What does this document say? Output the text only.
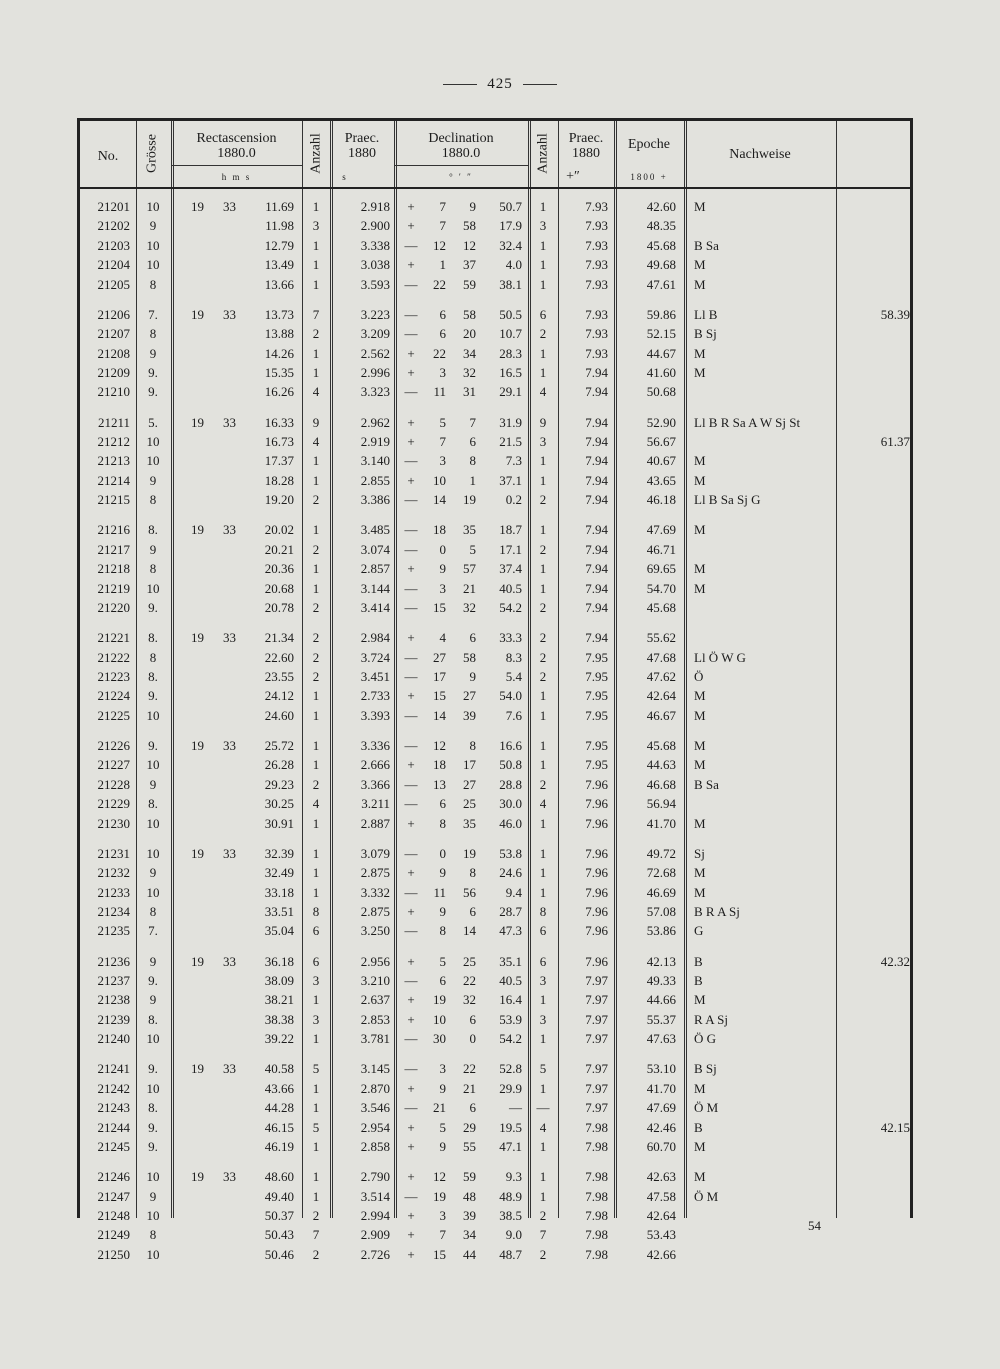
425
No.	Grösse	Rectascension
1880.0
h m s
Anzahl	Praec.
1880
s
Declination
1880.0
° ′ ″
Anzahl	Praec.
1880
+″
Epoche
1800 +
Nachweise
21201	10	19	33	11.69	1	2.918	+	7	9	50.7	1	7.93	42.60 M
21202	9	11.98	3	2.900	+	7	58	17.9	3	7.93	48.35
21203	10	12.79	1	3.338 —	12	12	32.4	1	7.93	45.68 B Sa
21204	10	13.49	1	3.038	+	1	37	4.0	1	7.93	49.68 M
21205	8	13.66	1	3.593 —	22	59	38.1	1	7.93	47.61 M
21206	7.	19	33	13.73	7	3.223 —	6	58	50.5	6	7.93	59.86 Ll B	58.39
21207	8	13.88	2	3.209 —	6	20	10.7	2	7.93	52.15 B Sj
21208	9	14.26	1	2.562	+	22	34	28.3	1	7.93	44.67 M
21209	9.	15.35	1	2.996	+	3	32	16.5	1	7.94	41.60 M
21210	9.	16.26	4	3.323 —	11	31	29.1	4	7.94	50.68
21211	5.	19	33	16.33	9	2.962	+	5	7	31.9	9	7.94	52.90 Ll B R Sa A W Sj St
21212	10	16.73	4	2.919	+	7	6	21.5	3	7.94	56.67	61.37
21213	10	17.37	1	3.140 —	3	8	7.3	1	7.94	40.67 M
21214	9	18.28	1	2.855	+	10	1	37.1	1	7.94	43.65 M
21215	8	19.20	2	3.386 —	14	19	0.2	2	7.94	46.18 Ll B Sa Sj G
21216	8.	19	33	20.02	1	3.485 —	18	35	18.7	1	7.94	47.69 M
21217	9	20.21	2	3.074 —	0	5	17.1	2	7.94	46.71
21218	8	20.36	1	2.857	+	9	57	37.4	1	7.94	69.65 M
21219	10	20.68	1	3.144 —	3	21	40.5	1	7.94	54.70 M
21220	9.	20.78	2	3.414 —	15	32	54.2	2	7.94	45.68
21221	8.	19	33	21.34	2	2.984	+	4	6	33.3	2	7.94	55.62
21222	8	22.60	2	3.724 —	27	58	8.3	2	7.95	47.68 Ll Ö W G
21223	8.	23.55	2	3.451 —	17	9	5.4	2	7.95	47.62 Ö
21224	9.	24.12	1	2.733	+	15	27	54.0	1	7.95	42.64 M
21225	10	24.60	1	3.393 —	14	39	7.6	1	7.95	46.67 M
21226	9.	19	33	25.72	1	3.336 —	12	8	16.6	1	7.95	45.68 M
21227	10	26.28	1	2.666	+	18	17	50.8	1	7.95	44.63 M
21228	9	29.23	2	3.366 —	13	27	28.8	2	7.96	46.68 B Sa
21229	8.	30.25	4	3.211 —	6	25	30.0	4	7.96	56.94
21230	10	30.91	1	2.887	+	8	35	46.0	1	7.96	41.70 M
21231	10	19	33	32.39	1	3.079 —	0	19	53.8	1	7.96	49.72 Sj
21232	9	32.49	1	2.875	+	9	8	24.6	1	7.96	72.68 M
21233	10	33.18	1	3.332 —	11	56	9.4	1	7.96	46.69 M
21234	8	33.51	8	2.875	+	9	6	28.7	8	7.96	57.08 B R A Sj
21235	7.	35.04	6	3.250 —	8	14	47.3	6	7.96	53.86 G
21236	9	19	33	36.18	6	2.956	+	5	25	35.1	6	7.96	42.13 B	42.32
21237	9.	38.09	3	3.210 —	6	22	40.5	3	7.97	49.33 B
21238	9	38.21	1	2.637	+	19	32	16.4	1	7.97	44.66 M
21239	8.	38.38	3	2.853	+	10	6	53.9	3	7.97	55.37 R A Sj
21240	10	39.22	1	3.781 —	30	0	54.2	1	7.97	47.63 Ö G
21241	9.	19	33	40.58	5	3.145 —	3	22	52.8	5	7.97	53.10 B Sj
21242	10	43.66	1	2.870	+	9	21	29.9	1	7.97	41.70 M
21243	8.	44.28	1	3.546 —	21	6	—	—	7.97	47.69 Ö M
21244	9.	46.15	5	2.954	+	5	29	19.5	4	7.98	42.46 B	42.15
21245	9.	46.19	1	2.858	+	9	55	47.1	1	7.98	60.70 M
21246	10	19	33	48.60	1	2.790	+	12	59	9.3	1	7.98	42.63 M
21247	9	49.40	1	3.514 —	19	48	48.9	1	7.98	47.58 Ö M
21248	10	50.37	2	2.994	+	3	39	38.5	2	7.98	42.64
21249	8	50.43	7	2.909	+	7	34	9.0	7	7.98	53.43
21250	10	50.46	2	2.726	+	15	44	48.7	2	7.98	42.66
54
